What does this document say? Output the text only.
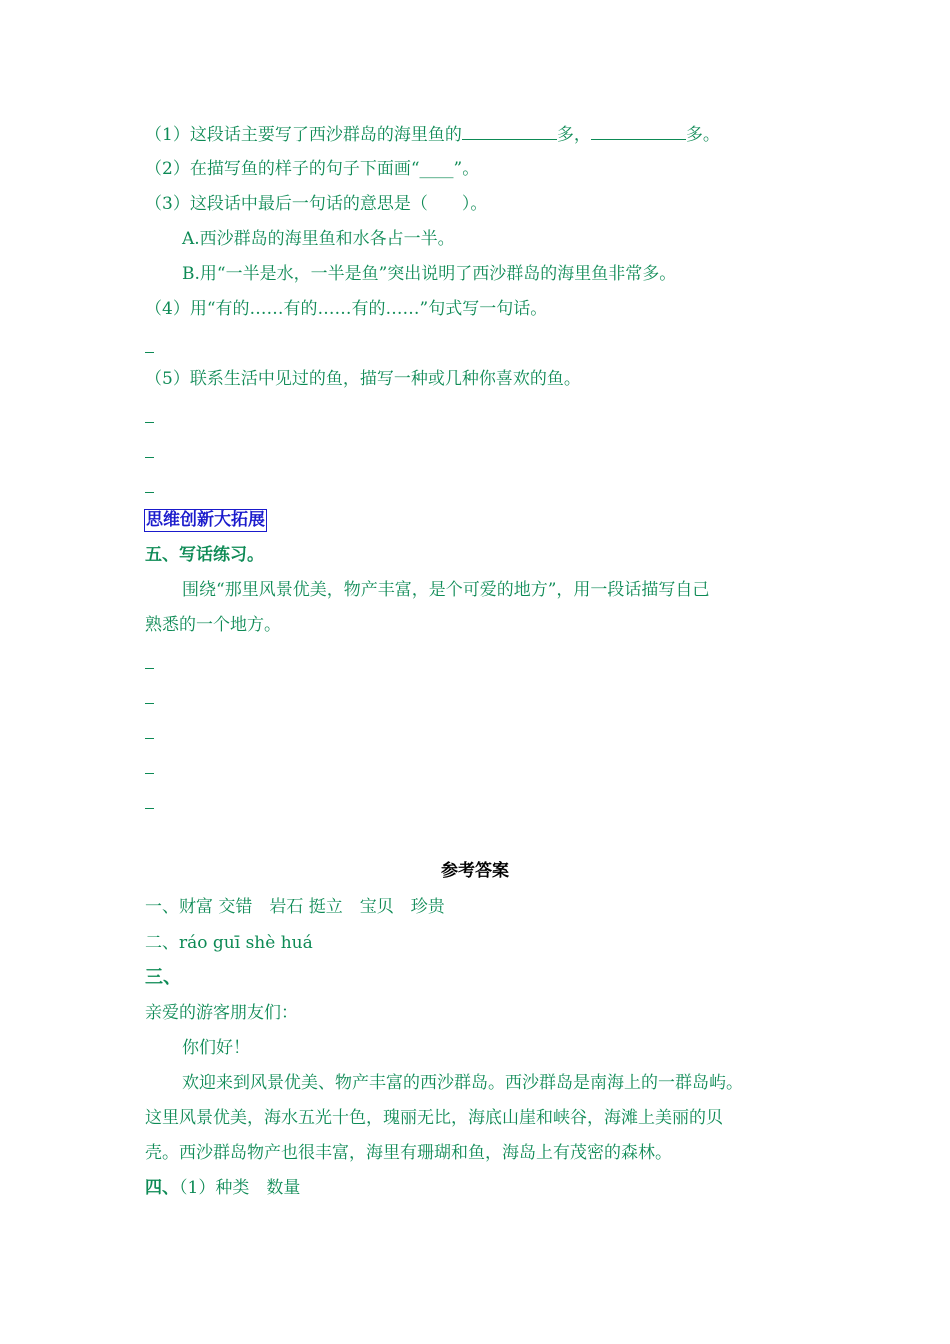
（1）这段话主要写了西沙群岛的海里鱼的	多，	多。
（2）在描写鱼的样子的句子下面画“____”。
（3）这段话中最后一句话的意思是（　　）。
A.西沙群岛的海里鱼和水各占一半。
B.用“一半是水，一半是鱼”突出说明了西沙群岛的海里鱼非常多。
（4）用“有的……有的……有的……”句式写一句话。
（5）联系生活中见过的鱼，描写一种或几种你喜欢的鱼。
思维创新大拓展
五、写话练习。
围绕“那里风景优美，物产丰富，是个可爱的地方”，用一段话描写自己
熟悉的一个地方。
参考答案
一、财富 交错　岩石 挺立　宝贝　珍贵
二、ráo guī shè huá
三、
亲爱的游客朋友们：
你们好！
欢迎来到风景优美、物产丰富的西沙群岛。西沙群岛是南海上的一群岛屿。
这里风景优美，海水五光十色，瑰丽无比，海底山崖和峡谷，海滩上美丽的贝
壳。西沙群岛物产也很丰富，海里有珊瑚和鱼，海岛上有茂密的森林。
四、（1）种类　数量
